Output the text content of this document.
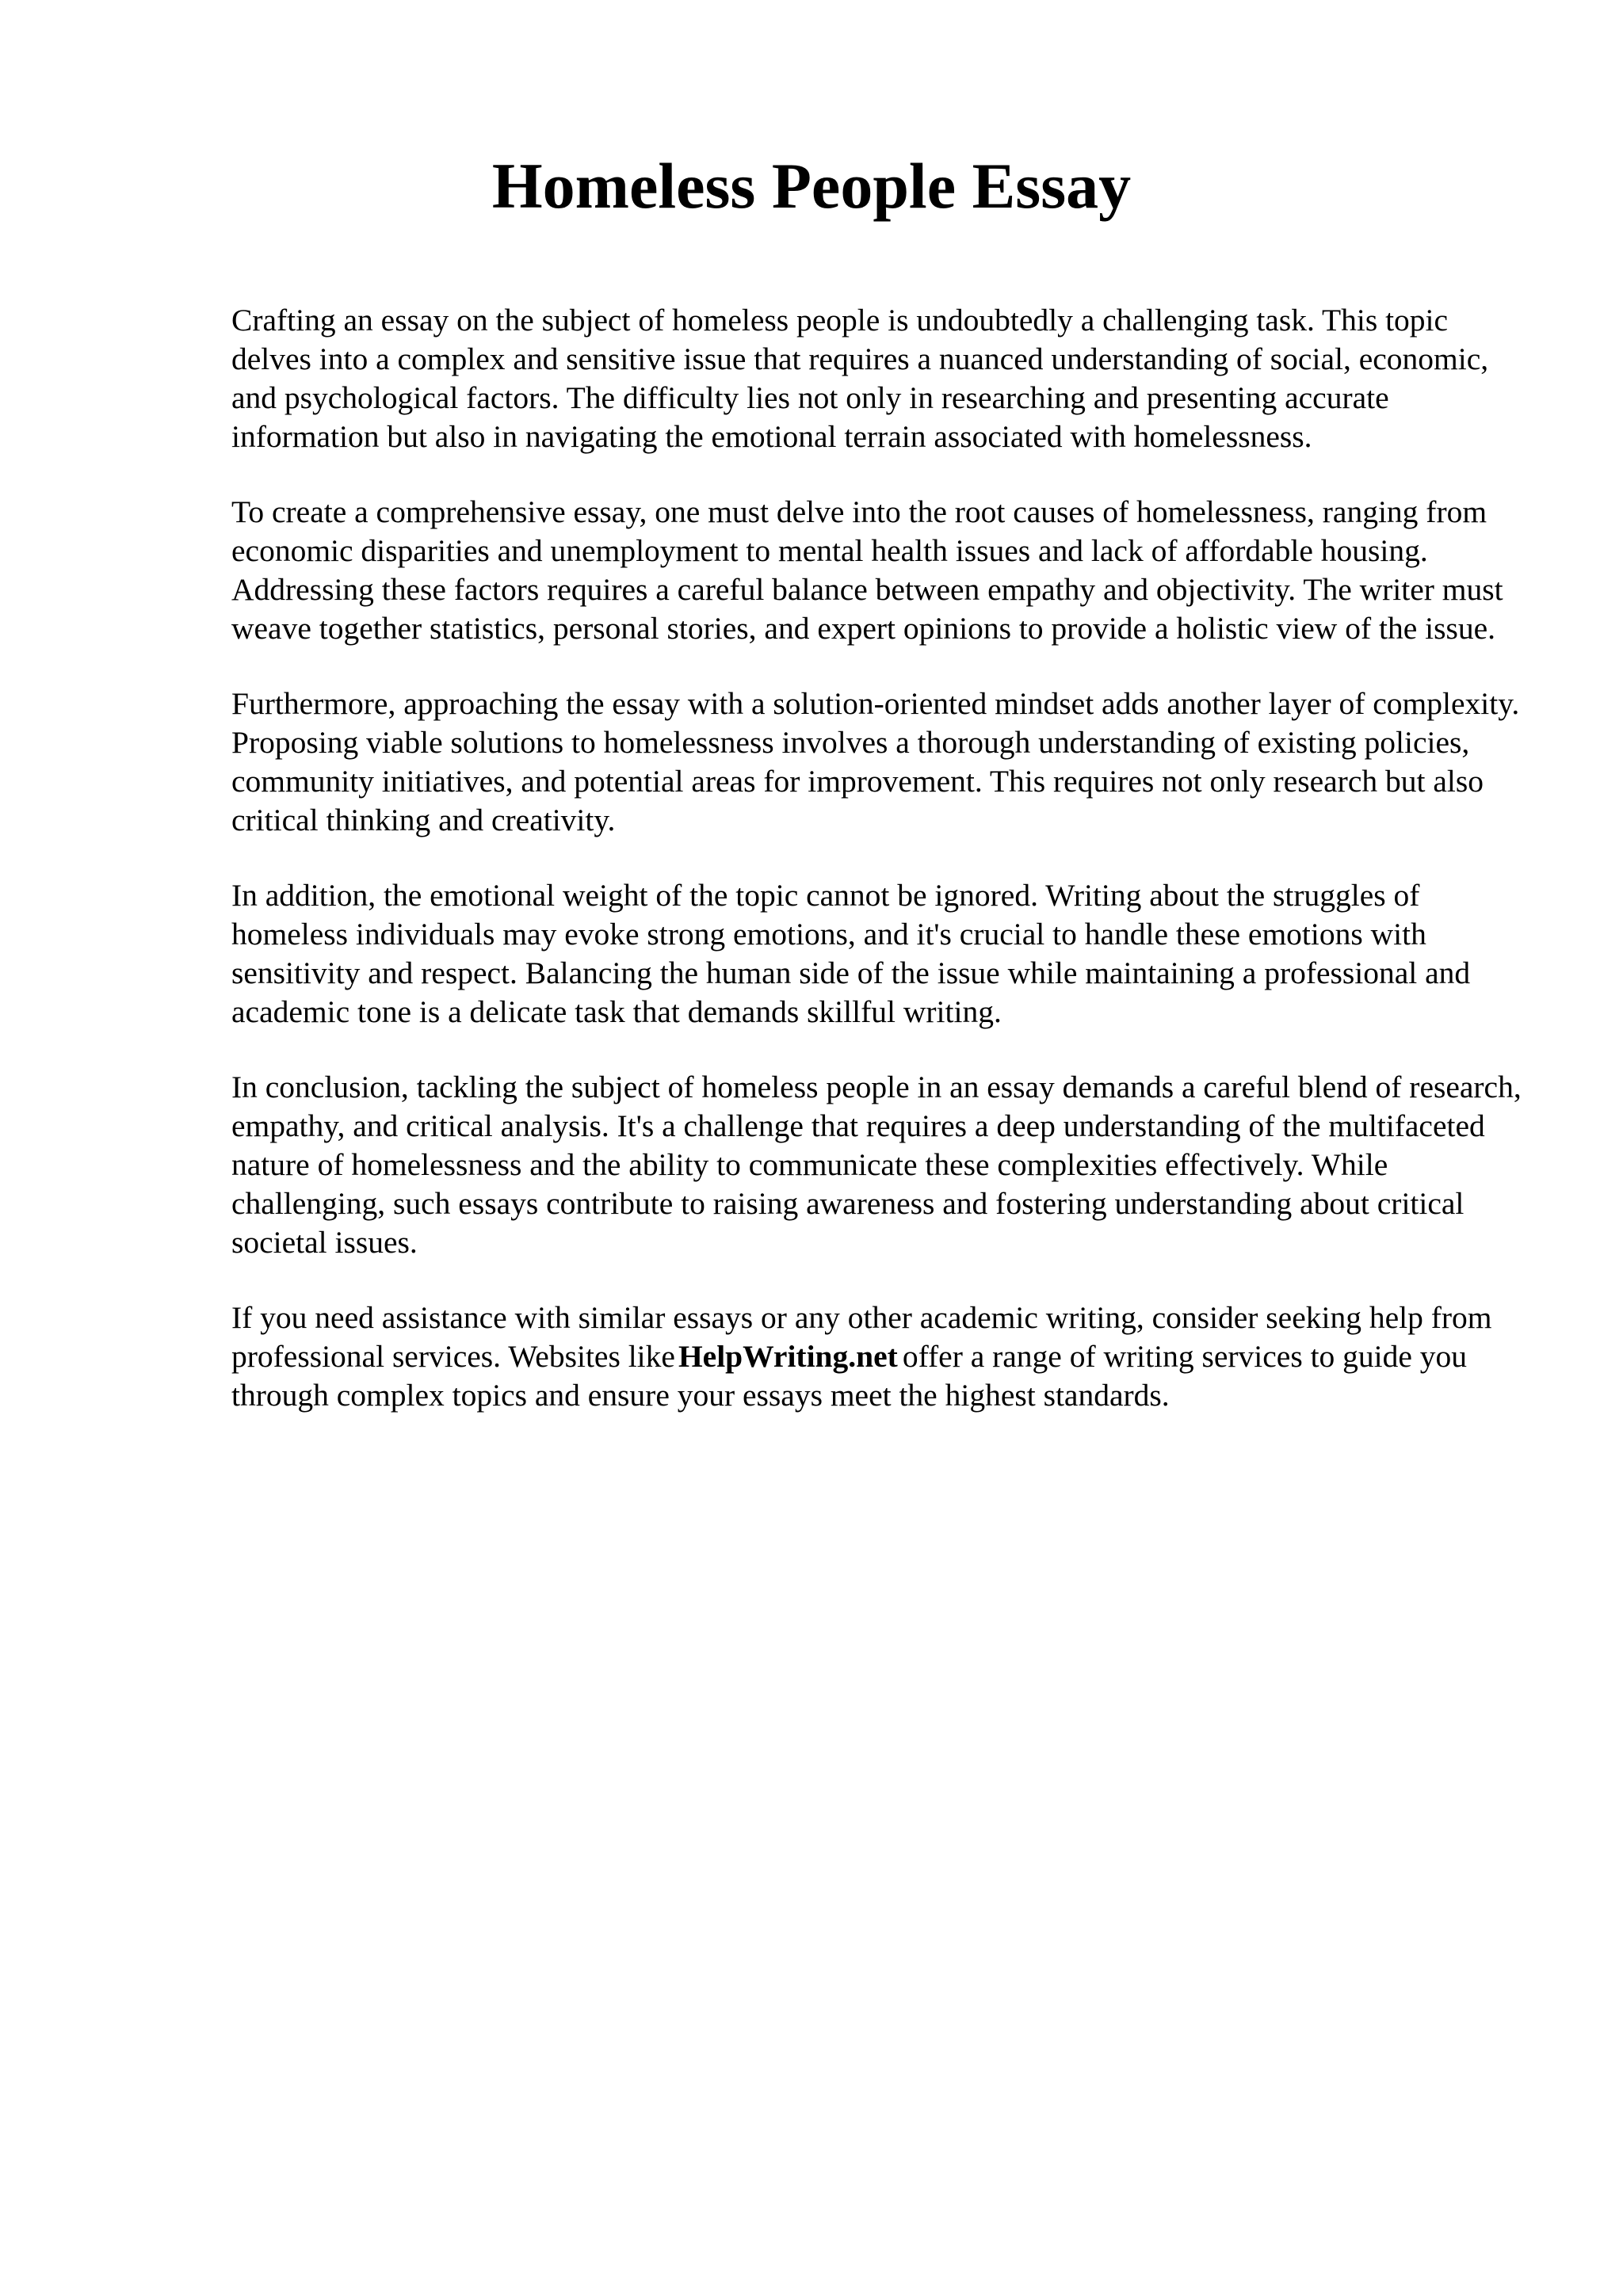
Homeless People Essay

Crafting an essay on the subject of homeless people is undoubtedly a challenging task. This topic delves into a complex and sensitive issue that requires a nuanced understanding of social, economic, and psychological factors. The difficulty lies not only in researching and presenting accurate information but also in navigating the emotional terrain associated with homelessness.

To create a comprehensive essay, one must delve into the root causes of homelessness, ranging from economic disparities and unemployment to mental health issues and lack of affordable housing. Addressing these factors requires a careful balance between empathy and objectivity. The writer must weave together statistics, personal stories, and expert opinions to provide a holistic view of the issue.

Furthermore, approaching the essay with a solution-oriented mindset adds another layer of complexity. Proposing viable solutions to homelessness involves a thorough understanding of existing policies, community initiatives, and potential areas for improvement. This requires not only research but also critical thinking and creativity.

In addition, the emotional weight of the topic cannot be ignored. Writing about the struggles of homeless individuals may evoke strong emotions, and it's crucial to handle these emotions with sensitivity and respect. Balancing the human side of the issue while maintaining a professional and academic tone is a delicate task that demands skillful writing.

In conclusion, tackling the subject of homeless people in an essay demands a careful blend of research, empathy, and critical analysis. It's a challenge that requires a deep understanding of the multifaceted nature of homelessness and the ability to communicate these complexities effectively. While challenging, such essays contribute to raising awareness and fostering understanding about critical societal issues.

If you need assistance with similar essays or any other academic writing, consider seeking help from professional services. Websites like HelpWriting.net offer a range of writing services to guide you through complex topics and ensure your essays meet the highest standards.
